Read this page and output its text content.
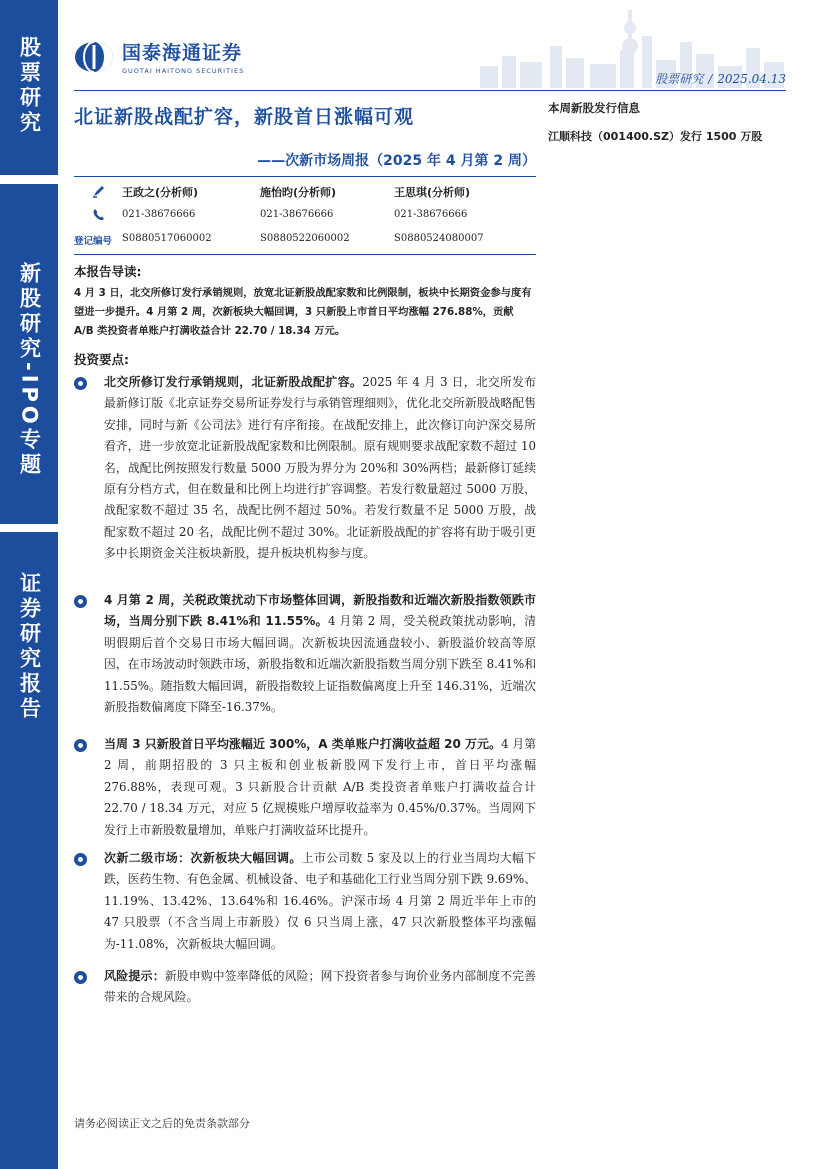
股票研究
新股研究-IPO专题
证券研究报告
国泰海通证券
GUOTAI HAITONG SECURITIES
股票研究 / 2025.04.13
北证新股战配扩容，新股首日涨幅可观
——次新市场周报（2025 年 4 月第 2 周）
本周新股发行信息
江顺科技（001400.SZ）发行 1500 万股
王政之(分析师)	施怡昀(分析师)	王思琪(分析师)
021-38676666	021-38676666	021-38676666
登记编号 S0880517060002	S0880522060002	S0880524080007
本报告导读:
4 月 3 日，北交所修订发行承销规则，放宽北证新股战配家数和比例限制，板块中长期资金参与度有望进一步提升。4 月第 2 周，次新板块大幅回调，3 只新股上市首日平均涨幅 276.88%，贡献 A/B 类投资者单账户打满收益合计 22.70 / 18.34 万元。
投资要点:
北交所修订发行承销规则，北证新股战配扩容。2025 年 4 月 3 日，北交所发布最新修订版《北京证券交易所证券发行与承销管理细则》，优化北交所新股战略配售安排，同时与新《公司法》进行有序衔接。在战配安排上，此次修订向沪深交易所看齐，进一步放宽北证新股战配家数和比例限制。原有规则要求战配家数不超过 10 名，战配比例按照发行数量 5000 万股为界分为 20%和 30%两档；最新修订延续原有分档方式，但在数量和比例上均进行扩容调整。若发行数量超过 5000 万股，战配家数不超过 35 名，战配比例不超过 50%。若发行数量不足 5000 万股，战配家数不超过 20 名，战配比例不超过 30%。北证新股战配的扩容将有助于吸引更多中长期资金关注板块新股，提升板块机构参与度。
4 月第 2 周，关税政策扰动下市场整体回调，新股指数和近端次新股指数领跌市场，当周分别下跌 8.41%和 11.55%。4 月第 2 周，受关税政策扰动影响，清明假期后首个交易日市场大幅回调。次新板块因流通盘较小、新股溢价较高等原因，在市场波动时领跌市场，新股指数和近端次新股指数当周分别下跌至 8.41%和 11.55%。随指数大幅回调，新股指数较上证指数偏离度上升至 146.31%，近端次新股指数偏离度下降至-16.37%。
当周 3 只新股首日平均涨幅近 300%，A 类单账户打满收益超 20 万元。4 月第 2 周，前期招股的 3 只主板和创业板新股网下发行上市，首日平均涨幅 276.88%，表现可观。3 只新股合计贡献 A/B 类投资者单账户打满收益合计 22.70 / 18.34 万元，对应 5 亿规模账户增厚收益率为 0.45%/0.37%。当周网下发行上市新股数量增加，单账户打满收益环比提升。
次新二级市场：次新板块大幅回调。上市公司数 5 家及以上的行业当周均大幅下跌，医药生物、有色金属、机械设备、电子和基础化工行业当周分别下跌 9.69%、11.19%、13.42%、13.64%和 16.46%。沪深市场 4 月第 2 周近半年上市的 47 只股票（不含当周上市新股）仅 6 只当周上涨，47 只次新股整体平均涨幅为-11.08%，次新板块大幅回调。
风险提示：新股申购中签率降低的风险；网下投资者参与询价业务内部制度不完善带来的合规风险。
请务必阅读正文之后的免责条款部分
